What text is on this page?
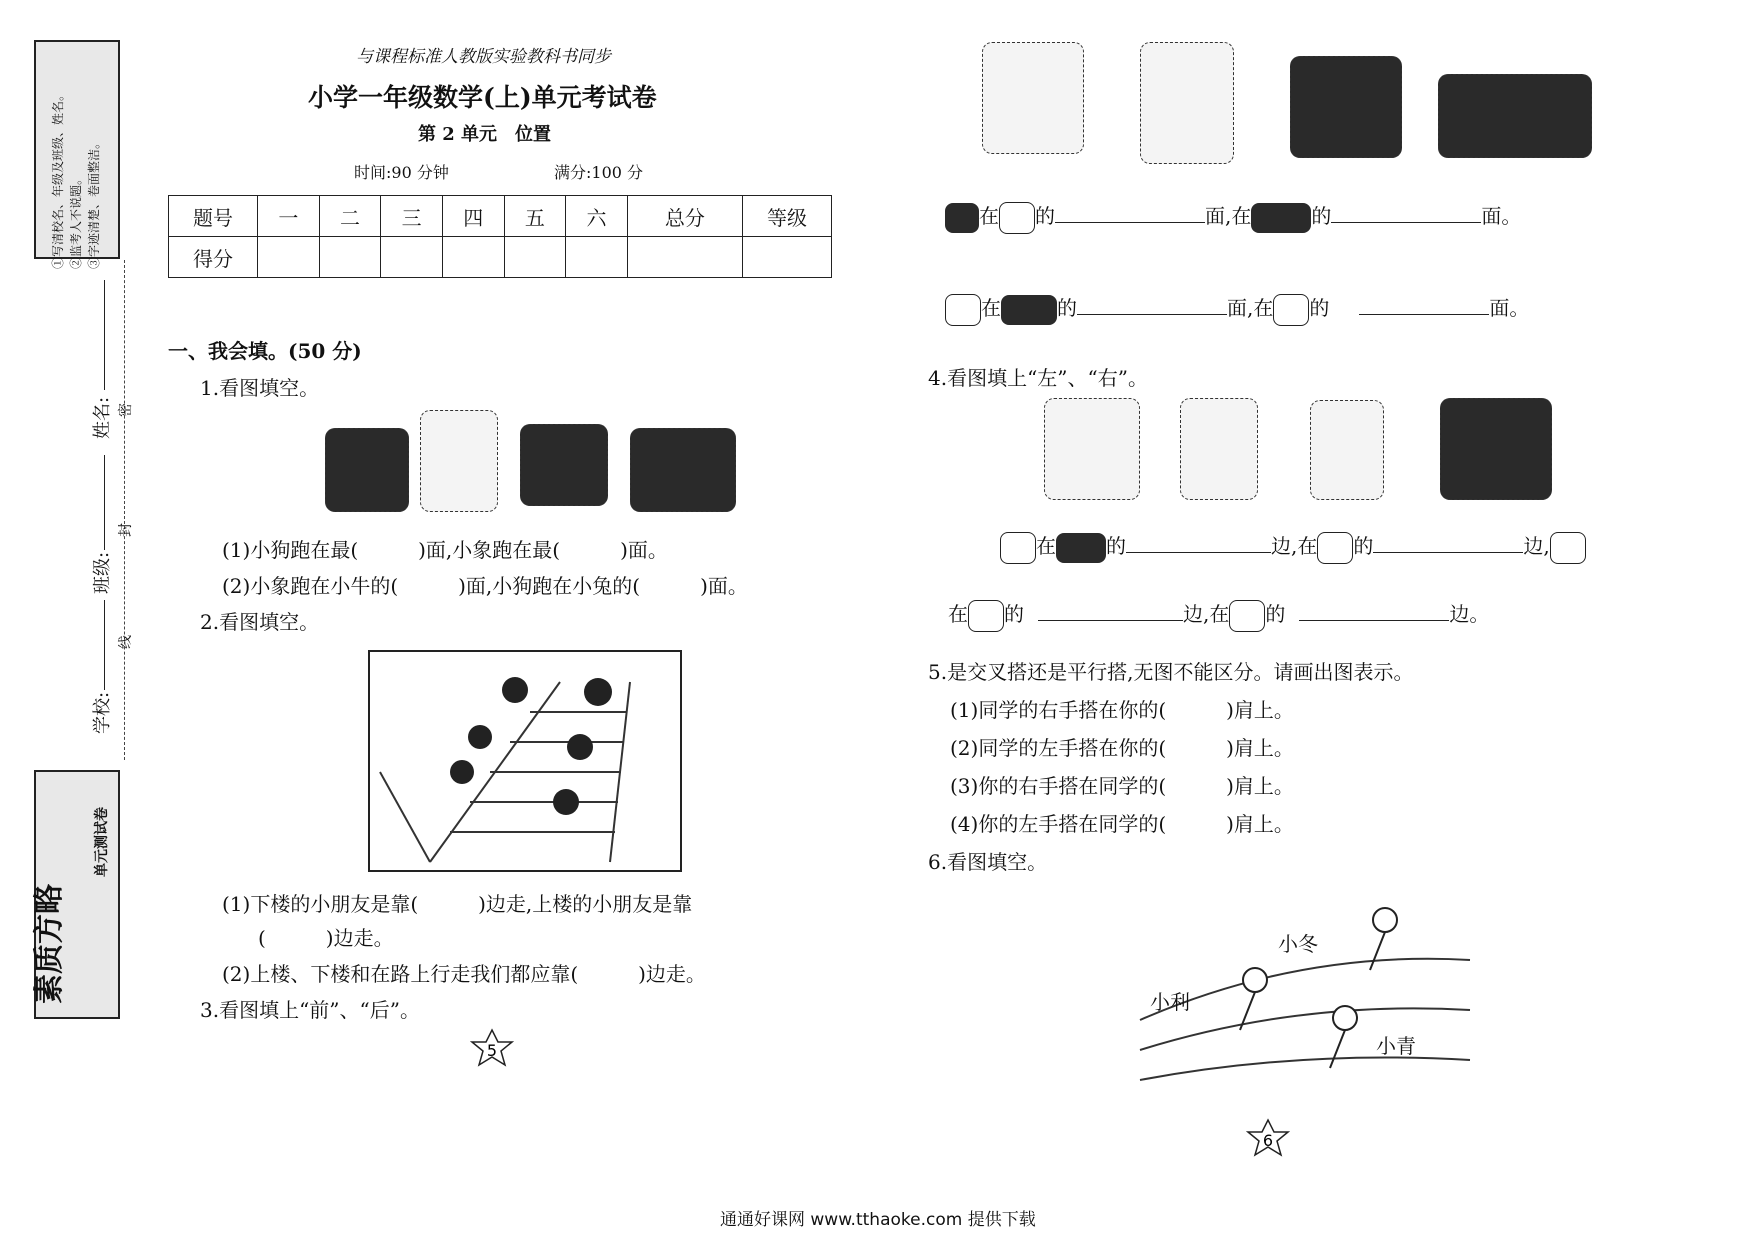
①写清校名、年级及班级、姓名。 ②监考人不说题。 ③字迹清楚、卷面整洁。
学校:
班级:
姓名: 密
封
线
素质方略
单元测试卷
与课程标准人教版实验教科书同步
小学一年级数学(上)单元考试卷
第 2 单元　位置
时间:90 分钟	满分:100 分
题号	一	二	三	四	五	六	总分	等级
得分								
一、我会填。(50 分)
1.看图填空。
(1)小狗跑在最(　　　)面,小象跑在最(　　　)面。
(2)小象跑在小牛的(　　　)面,小狗跑在小兔的(　　　)面。
2.看图填空。
(1)下楼的小朋友是靠(　　　)边走,上楼的小朋友是靠
(　　　)边走。
(2)上楼、下楼和在路上行走我们都应靠(　　　)边走。
3.看图填上“前”、“后”。
5
在 的	面,在	的	面。
在	的	面,在 的	面。
4.看图填上“左”、“右”。
在	的	边,在 的	边,
在 的	边,在 的	边。
5.是交叉搭还是平行搭,无图不能区分。请画出图表示。
(1)同学的右手搭在你的(　　　)肩上。
(2)同学的左手搭在你的(　　　)肩上。
(3)你的右手搭在同学的(　　　)肩上。
(4)你的左手搭在同学的(　　　)肩上。
6.看图填空。
小冬
小利
小青
6
通通好课网 www.tthaoke.com 提供下载
